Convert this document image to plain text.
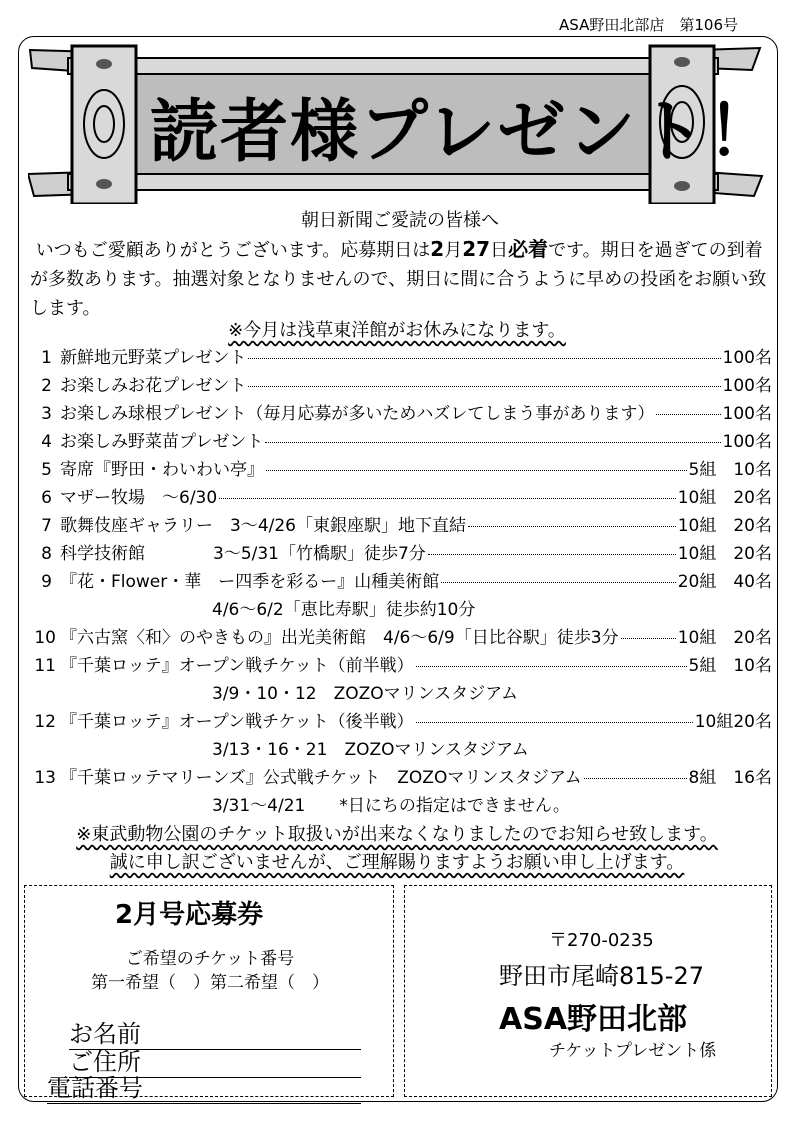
ASA野田北部店　第106号
読者様プレゼント！
朝日新聞ご愛読の皆様へ
いつもご愛顧ありがとうございます。応募期日は2月27日必着です。期日を過ぎての到着が多数あります。抽選対象となりませんので、期日に間に合うように早めの投函をお願い致します。
※今月は浅草東洋館がお休みになります。
1 新鮮地元野菜プレゼント	100名
2 お楽しみお花プレゼント	100名
3 お楽しみ球根プレゼント（毎月応募が多いためハズレてしまう事があります）	100名
4 お楽しみ野菜苗プレゼント	100名
5 寄席『野田・わいわい亭』	5組　10名
6 マザー牧場　～6/30	10組　20名
7 歌舞伎座ギャラリー　3～4/26「東銀座駅」地下直結	10組　20名
8 科学技術館　　　　3～5/31「竹橋駅」徒歩7分	10組　20名
9 『花・Flower・華　ー四季を彩るー』山種美術館	20組　40名
4/6～6/2「恵比寿駅」徒歩約10分
10 『六古窯〈和〉のやきもの』出光美術館　4/6～6/9「日比谷駅」徒歩3分	10組　20名
11 『千葉ロッテ』オープン戦チケット（前半戦）	5組　10名
3/9・10・12　ZOZOマリンスタジアム
12 『千葉ロッテ』オープン戦チケット（後半戦）	10組20名
3/13・16・21　ZOZOマリンスタジアム
13 『千葉ロッテマリーンズ』公式戦チケット　ZOZOマリンスタジアム	8組　16名
3/31～4/21　　*日にちの指定はできません。
※東武動物公園のチケット取扱いが出来なくなりましたのでお知らせ致します。
誠に申し訳ございませんが、ご理解賜りますようお願い申し上げます。
2月号応募券
ご希望のチケット番号
第一希望（　）第二希望（　）
お名前
ご住所
電話番号
〒270-0235
野田市尾崎815-27
ASA野田北部
チケットプレゼント係
